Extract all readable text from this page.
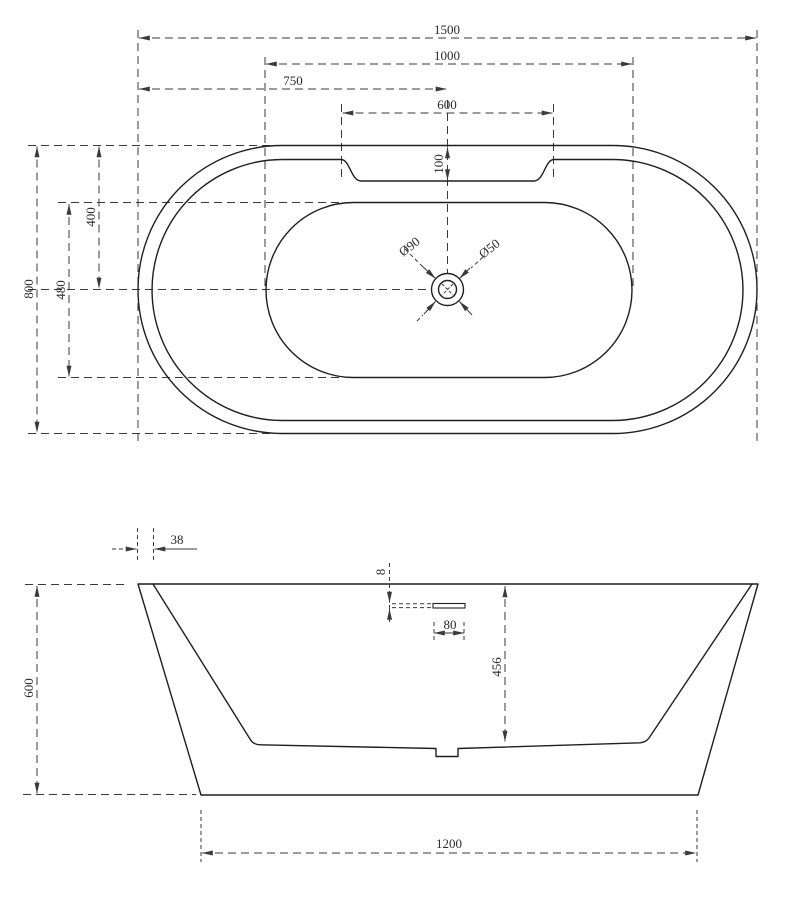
1500
1000
750
600
100
800
400
480
Ø90	Ø50
38
8
80
456
600
1200
